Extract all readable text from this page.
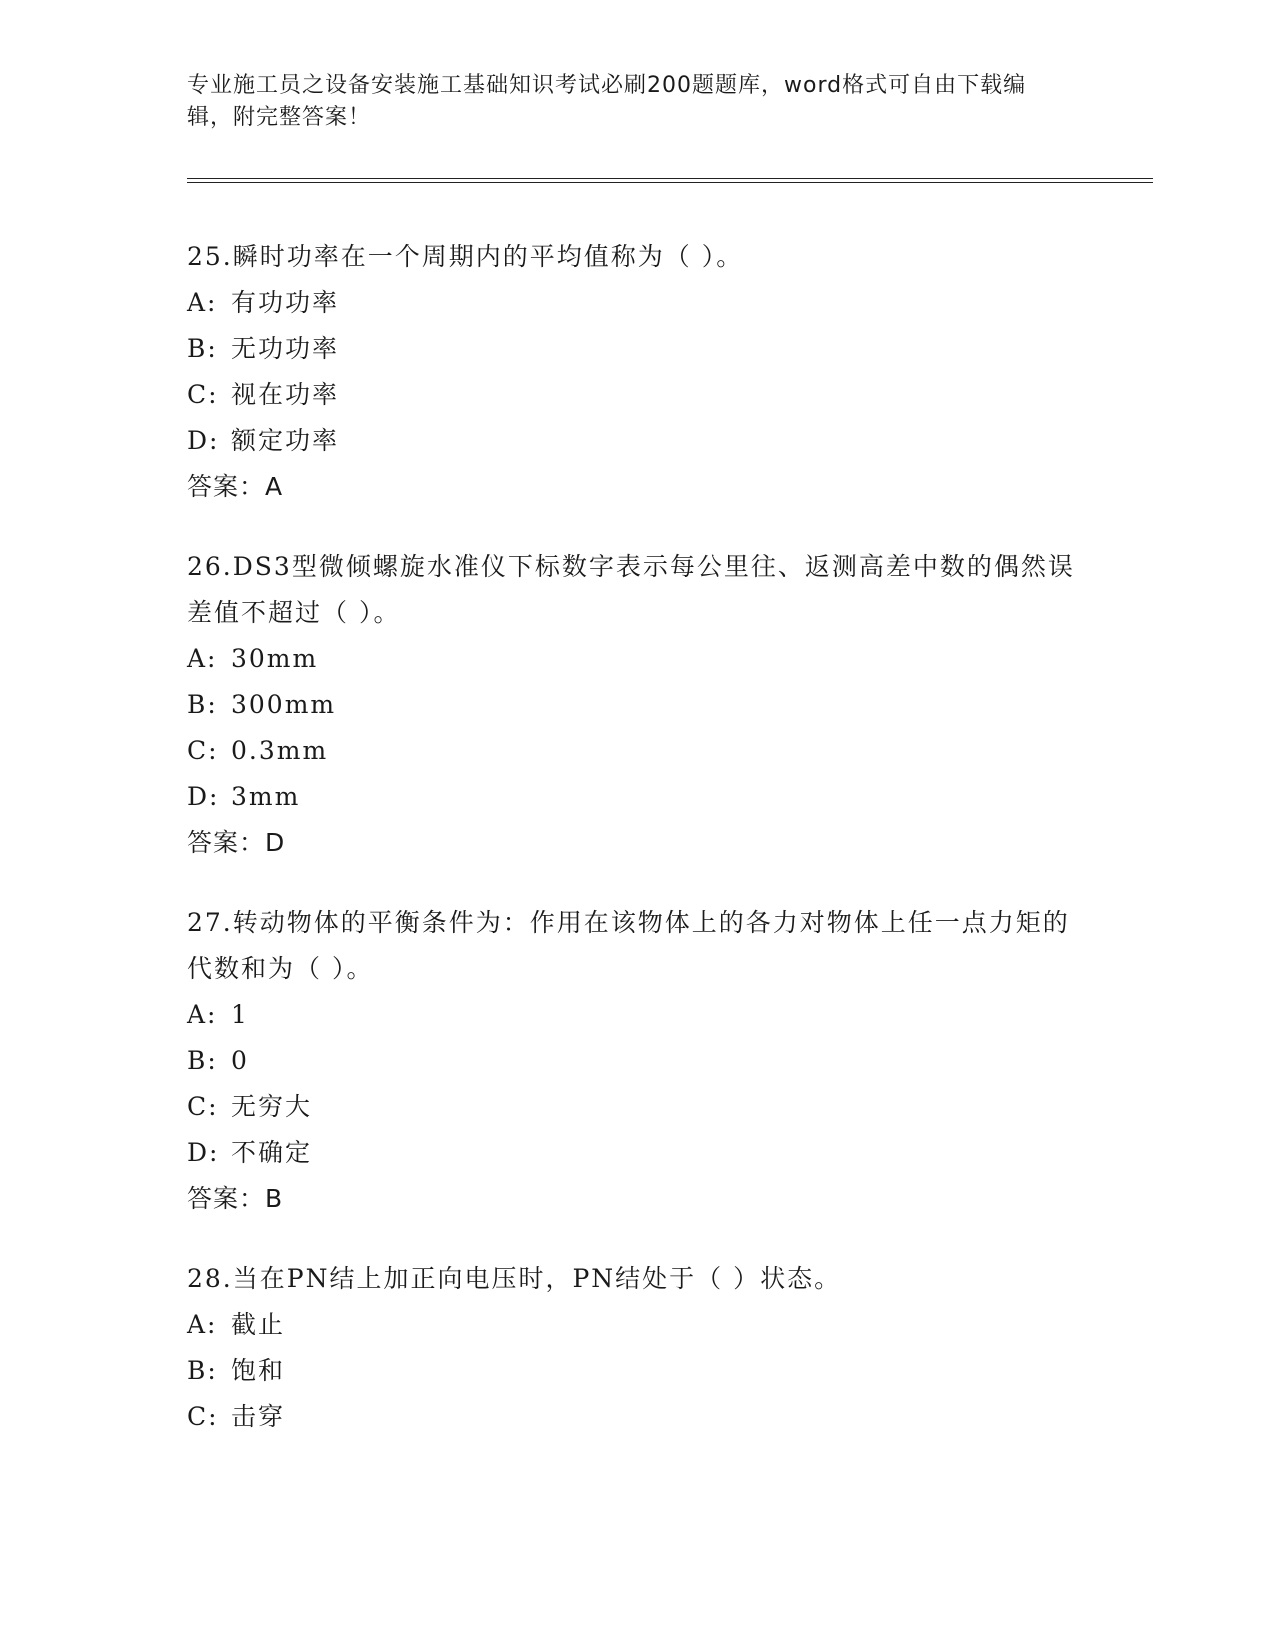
专业施工员之设备安装施工基础知识考试必刷200题题库，word格式可自由下载编辑，附完整答案！

25.瞬时功率在一个周期内的平均值称为（ ）。

A: 有功功率
B: 无功功率
C: 视在功率
D: 额定功率
答案：A

26.DS3型微倾螺旋水准仪下标数字表示每公里往、返测高差中数的偶然误差值不超过（ ）。

A: 30mm
B: 300mm
C: 0.3mm
D: 3mm
答案：D

27.转动物体的平衡条件为：作用在该物体上的各力对物体上任一点力矩的代数和为（ ）。

A: 1
B: 0
C: 无穷大
D: 不确定
答案：B

28.当在PN结上加正向电压时，PN结处于（ ）状态。

A: 截止
B: 饱和
C: 击穿
